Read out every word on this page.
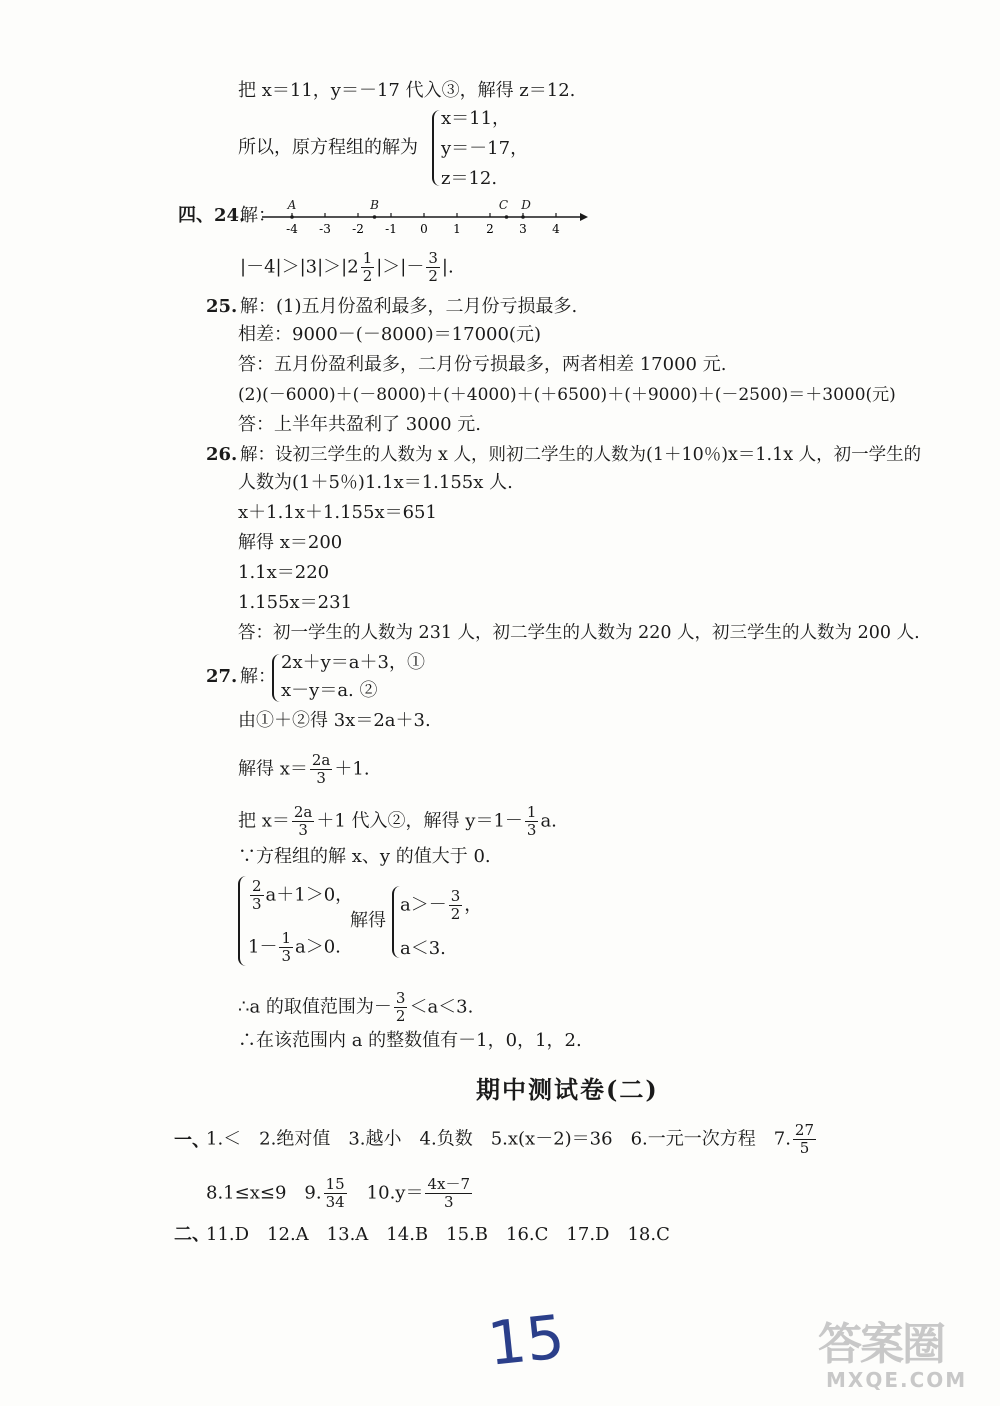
把 x＝11，y＝－17 代入③，解得 z＝12.
所以，原方程组的解为
x＝11，
y＝－17，
z＝12.
四、24.
解：
-4 -3 -2 -1 0 1 2 3 4
A	B	C D
$|-4|>|3|>|2 \frac{1}{2}$ |＞|－ $\frac{3}{2}$ |.
25. 解：(1)五月份盈利最多，二月份亏损最多.
相差：9000－(－8000)＝17000(元)
答：五月份盈利最多，二月份亏损最多，两者相差 17000 元.
(2)(－6000)＋(－8000)＋(＋4000)＋(＋6500)＋(＋9000)＋(－2500)＝＋3000(元)
答：上半年共盈利了 3000 元.
26. 解：设初三学生的人数为 x 人，则初二学生的人数为(1＋10％)x＝1.1x 人，初一学生的
人数为(1＋5％)1.1x＝1.155x 人.
x＋1.1x＋1.155x＝651
解得 x＝200
1.1x＝220
1.155x＝231
答：初一学生的人数为 231 人，初二学生的人数为 220 人，初三学生的人数为 200 人.
27. 解：
2x＋y＝a＋3，①
x－y＝a. ②
由①＋②得 3x＝2a＋3.
解得 $x= \frac{2a}{3} +1$.
把 $x= \frac{2a}{3} +1$ 代入②，解得 $y=1- \frac{1}{3} a$.
∵方程组的解 x、y 的值大于 0.
$\frac{2}{3} a+1>0$，
$1- \frac{1}{3} a>0$.
解得
$a>- \frac{3}{2}$ ，
a＜3.
∴a 的取值范围为－ $\frac{3}{2} <a<3$.
∴在该范围内 a 的整数值有－1，0，1，2.
期中测试卷(二)
一、
1.＜　2.绝对值　3.越小　4.负数　5.x(x－2)＝36　6.一元一次方程　7. $\frac{27}{5}$
8.1≤x≤9　9. $\frac{15}{34}$ 　$10.y= \frac{4x-7}{3}$
二、
11.D　12.A　13.A　14.B　15.B　16.C　17.D　18.C
15	答案圈
MXQE.COM
